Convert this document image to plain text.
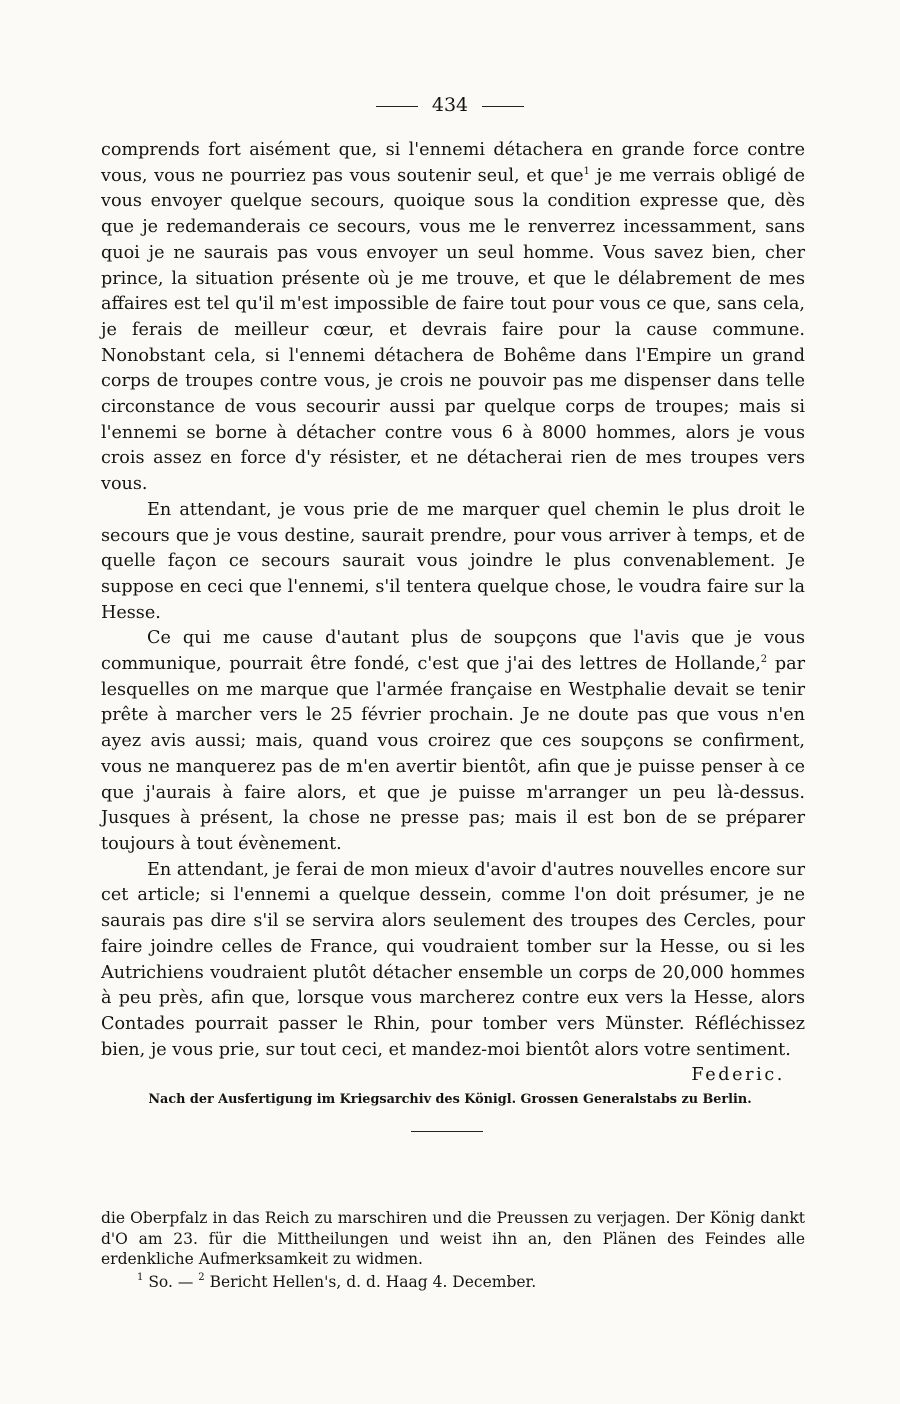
434

comprends fort aisément que, si l'ennemi détachera en grande force contre vous, vous ne pourriez pas vous soutenir seul, et que$^1$ je me verrais obligé de vous envoyer quelque secours, quoique sous la condition expresse que, dès que je redemanderais ce secours, vous me le renverrez incessamment, sans quoi je ne saurais pas vous envoyer un seul homme. Vous savez bien, cher prince, la situation présente où je me trouve, et que le délabrement de mes affaires est tel qu'il m'est impossible de faire tout pour vous ce que, sans cela, je ferais de meilleur cœur, et devrais faire pour la cause commune. Nonobstant cela, si l'ennemi détachera de Bohême dans l'Empire un grand corps de troupes contre vous, je crois ne pouvoir pas me dispenser dans telle circonstance de vous secourir aussi par quelque corps de troupes; mais si l'ennemi se borne à détacher contre vous 6 à 8000 hommes, alors je vous crois assez en force d'y résister, et ne détacherai rien de mes troupes vers vous.

En attendant, je vous prie de me marquer quel chemin le plus droit le secours que je vous destine, saurait prendre, pour vous arriver à temps, et de quelle façon ce secours saurait vous joindre le plus convenablement. Je suppose en ceci que l'ennemi, s'il tentera quelque chose, le voudra faire sur la Hesse.

Ce qui me cause d'autant plus de soupçons que l'avis que je vous communique, pourrait être fondé, c'est que j'ai des lettres de Hollande,$^2$ par lesquelles on me marque que l'armée française en Westphalie devait se tenir prête à marcher vers le 25 février prochain. Je ne doute pas que vous n'en ayez avis aussi; mais, quand vous croirez que ces soupçons se confirment, vous ne manquerez pas de m'en avertir bientôt, afin que je puisse penser à ce que j'aurais à faire alors, et que je puisse m'arranger un peu là-dessus. Jusques à présent, la chose ne presse pas; mais il est bon de se préparer toujours à tout évènement.

En attendant, je ferai de mon mieux d'avoir d'autres nouvelles encore sur cet article; si l'ennemi a quelque dessein, comme l'on doit présumer, je ne saurais pas dire s'il se servira alors seulement des troupes des Cercles, pour faire joindre celles de France, qui voudraient tomber sur la Hesse, ou si les Autrichiens voudraient plutôt détacher ensemble un corps de 20,000 hommes à peu près, afin que, lorsque vous marcherez contre eux vers la Hesse, alors Contades pourrait passer le Rhin, pour tomber vers Münster. Réfléchissez bien, je vous prie, sur tout ceci, et mandez-moi bientôt alors votre sentiment.

Federic.
Nach der Ausfertigung im Kriegsarchiv des Königl. Grossen Generalstabs zu Berlin.

die Oberpfalz in das Reich zu marschiren und die Preussen zu verjagen. Der König dankt d'O am 23. für die Mittheilungen und weist ihn an, den Plänen des Feindes alle erdenkliche Aufmerksamkeit zu widmen.

$^1$ So. — $^2$ Bericht Hellen's, d. d. Haag 4. December.
